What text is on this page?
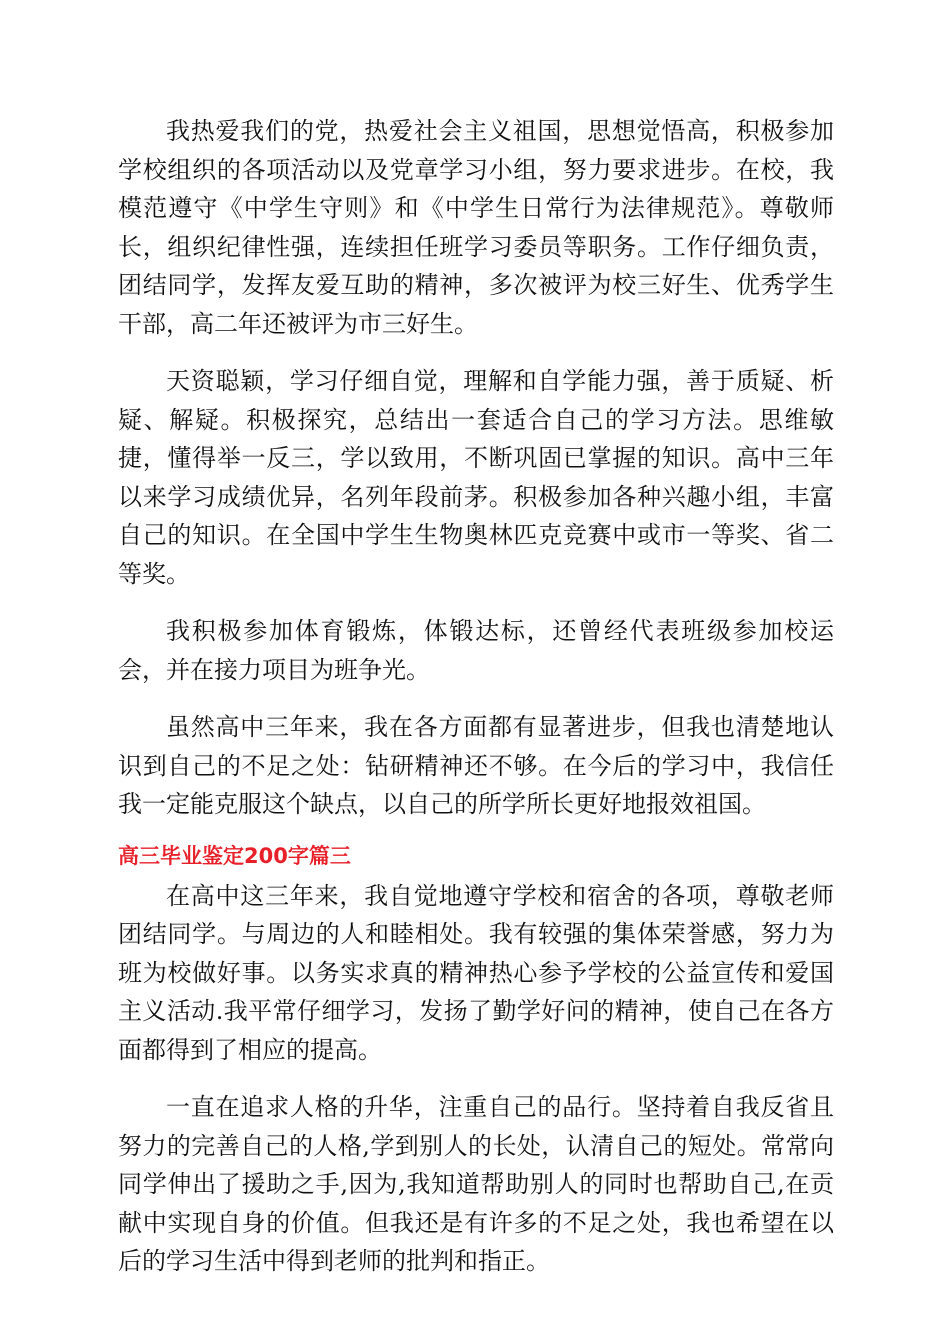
我热爱我们的党，热爱社会主义祖国，思想觉悟高，积极参加学校组织的各项活动以及党章学习小组，努力要求进步。在校，我模范遵守《中学生守则》和《中学生日常行为法律规范》。尊敬师长，组织纪律性强，连续担任班学习委员等职务。工作仔细负责，团结同学，发挥友爱互助的精神，多次被评为校三好生、优秀学生干部，高二年还被评为市三好生。

天资聪颖，学习仔细自觉，理解和自学能力强，善于质疑、析疑、解疑。积极探究，总结出一套适合自己的学习方法。思维敏捷，懂得举一反三，学以致用，不断巩固已掌握的知识。高中三年以来学习成绩优异，名列年段前茅。积极参加各种兴趣小组，丰富自己的知识。在全国中学生生物奥林匹克竞赛中或市一等奖、省二等奖。

我积极参加体育锻炼，体锻达标，还曾经代表班级参加校运会，并在接力项目为班争光。

虽然高中三年来，我在各方面都有显著进步，但我也清楚地认识到自己的不足之处：钻研精神还不够。在今后的学习中，我信任我一定能克服这个缺点，以自己的所学所长更好地报效祖国。

高三毕业鉴定200字篇三

在高中这三年来，我自觉地遵守学校和宿舍的各项，尊敬老师团结同学。与周边的人和睦相处。我有较强的集体荣誉感，努力为班为校做好事。以务实求真的精神热心参予学校的公益宣传和爱国主义活动.我平常仔细学习，发扬了勤学好问的精神，使自己在各方面都得到了相应的提高。

一直在追求人格的升华，注重自己的品行。坚持着自我反省且努力的完善自己的人格,学到别人的长处，认清自己的短处。常常向同学伸出了援助之手,因为,我知道帮助别人的同时也帮助自己,在贡献中实现自身的价值。但我还是有许多的不足之处，我也希望在以后的学习生活中得到老师的批判和指正。
